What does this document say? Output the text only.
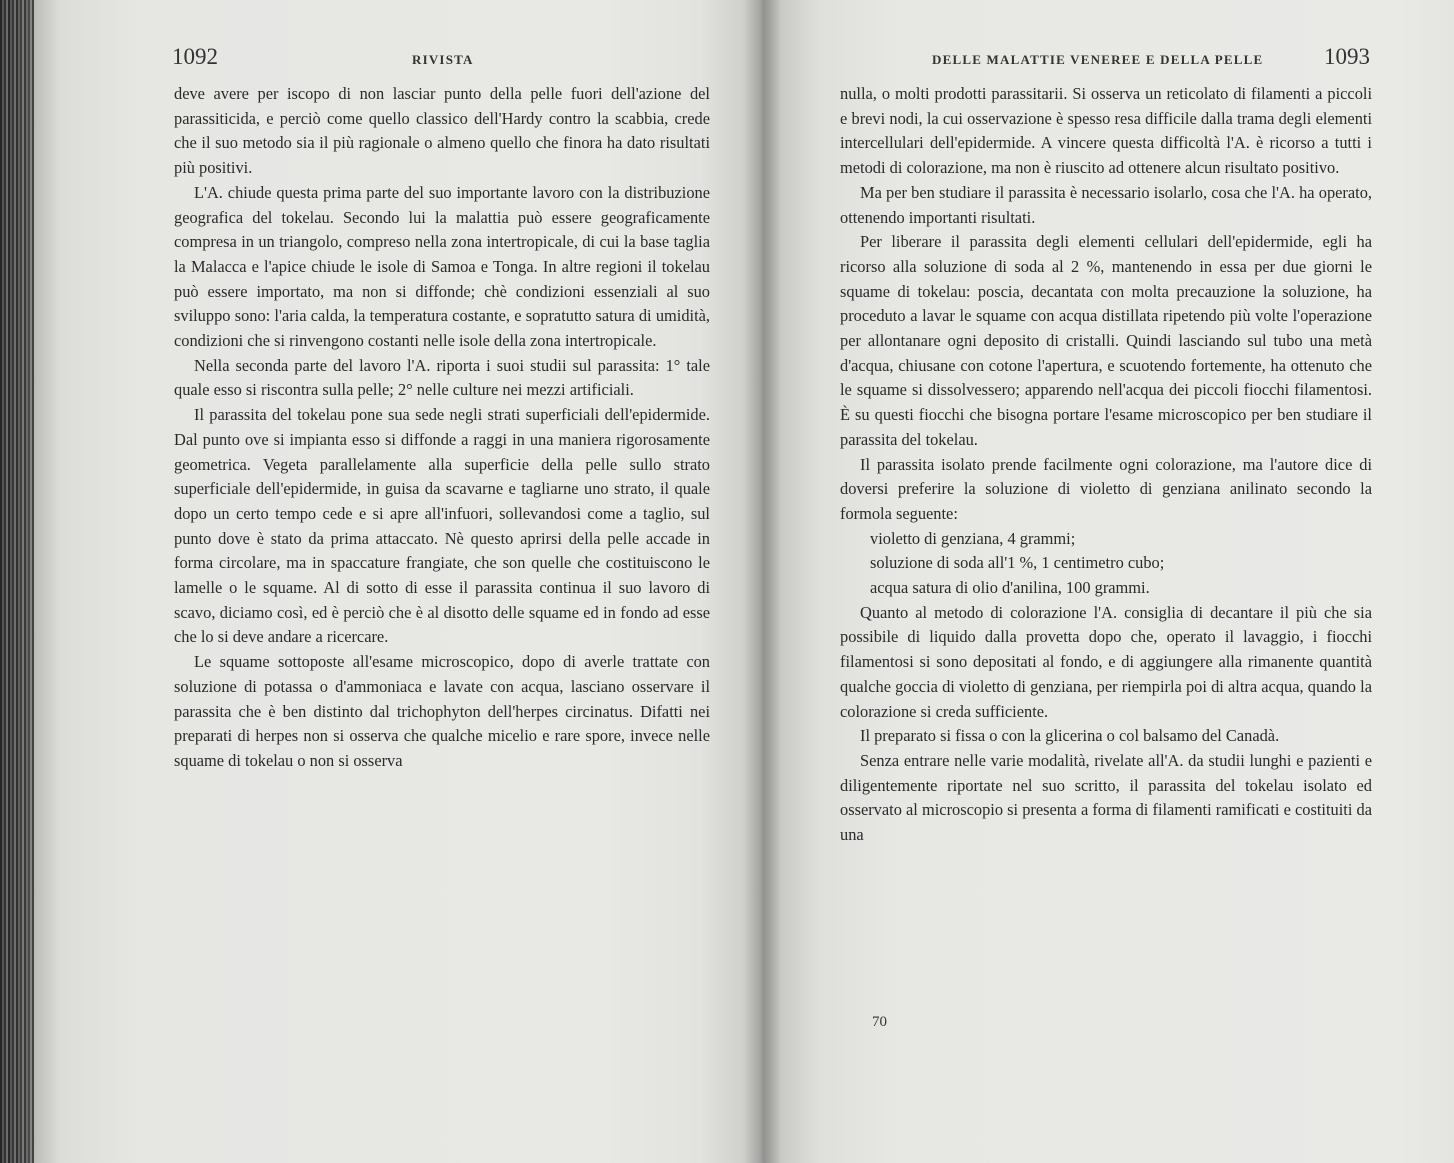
1092	RIVISTA

deve avere per iscopo di non lasciar punto della pelle fuori dell'azione del parassiticida, e perciò come quello classico dell'Hardy contro la scabbia, crede che il suo metodo sia il più ragionale o almeno quello che finora ha dato risultati più positivi.

L'A. chiude questa prima parte del suo importante lavoro con la distribuzione geografica del tokelau. Secondo lui la malattia può essere geograficamente compresa in un triangolo, compreso nella zona intertropicale, di cui la base taglia la Malacca e l'apice chiude le isole di Samoa e Tonga. In altre regioni il tokelau può essere importato, ma non si diffonde; chè condizioni essenziali al suo sviluppo sono: l'aria calda, la temperatura costante, e sopratutto satura di umidità, condizioni che si rinvengono costanti nelle isole della zona intertropicale.

Nella seconda parte del lavoro l'A. riporta i suoi studii sul parassita: 1° tale quale esso si riscontra sulla pelle; 2° nelle culture nei mezzi artificiali.

Il parassita del tokelau pone sua sede negli strati superficiali dell'epidermide. Dal punto ove si impianta esso si diffonde a raggi in una maniera rigorosamente geometrica. Vegeta parallelamente alla superficie della pelle sullo strato superficiale dell'epidermide, in guisa da scavarne e tagliarne uno strato, il quale dopo un certo tempo cede e si apre all'infuori, sollevandosi come a taglio, sul punto dove è stato da prima attaccato. Nè questo aprirsi della pelle accade in forma circolare, ma in spaccature frangiate, che son quelle che costituiscono le lamelle o le squame. Al di sotto di esse il parassita continua il suo lavoro di scavo, diciamo così, ed è perciò che è al disotto delle squame ed in fondo ad esse che lo si deve andare a ricercare.

Le squame sottoposte all'esame microscopico, dopo di averle trattate con soluzione di potassa o d'ammoniaca e lavate con acqua, lasciano osservare il parassita che è ben distinto dal trichophyton dell'herpes circinatus. Difatti nei preparati di herpes non si osserva che qualche micelio e rare spore, invece nelle squame di tokelau o non si osserva

DELLE MALATTIE VENEREE E DELLA PELLE	1093

nulla, o molti prodotti parassitarii. Si osserva un reticolato di filamenti a piccoli e brevi nodi, la cui osservazione è spesso resa difficile dalla trama degli elementi intercellulari dell'epidermide. A vincere questa difficoltà l'A. è ricorso a tutti i metodi di colorazione, ma non è riuscito ad ottenere alcun risultato positivo.

Ma per ben studiare il parassita è necessario isolarlo, cosa che l'A. ha operato, ottenendo importanti risultati.

Per liberare il parassita degli elementi cellulari dell'epidermide, egli ha ricorso alla soluzione di soda al 2 %, mantenendo in essa per due giorni le squame di tokelau: poscia, decantata con molta precauzione la soluzione, ha proceduto a lavar le squame con acqua distillata ripetendo più volte l'operazione per allontanare ogni deposito di cristalli. Quindi lasciando sul tubo una metà d'acqua, chiusane con cotone l'apertura, e scuotendo fortemente, ha ottenuto che le squame si dissolvessero; apparendo nell'acqua dei piccoli fiocchi filamentosi. È su questi fiocchi che bisogna portare l'esame microscopico per ben studiare il parassita del tokelau.

Il parassita isolato prende facilmente ogni colorazione, ma l'autore dice di doversi preferire la soluzione di violetto di genziana anilinato secondo la formola seguente:

violetto di genziana, 4 grammi;

soluzione di soda all'1 %, 1 centimetro cubo;

acqua satura di olio d'anilina, 100 grammi.

Quanto al metodo di colorazione l'A. consiglia di decantare il più che sia possibile di liquido dalla provetta dopo che, operato il lavaggio, i fiocchi filamentosi si sono depositati al fondo, e di aggiungere alla rimanente quantità qualche goccia di violetto di genziana, per riempirla poi di altra acqua, quando la colorazione si creda sufficiente.

Il preparato si fissa o con la glicerina o col balsamo del Canadà.

Senza entrare nelle varie modalità, rivelate all'A. da studii lunghi e pazienti e diligentemente riportate nel suo scritto, il parassita del tokelau isolato ed osservato al microscopio si presenta a forma di filamenti ramificati e costituiti da una

70
